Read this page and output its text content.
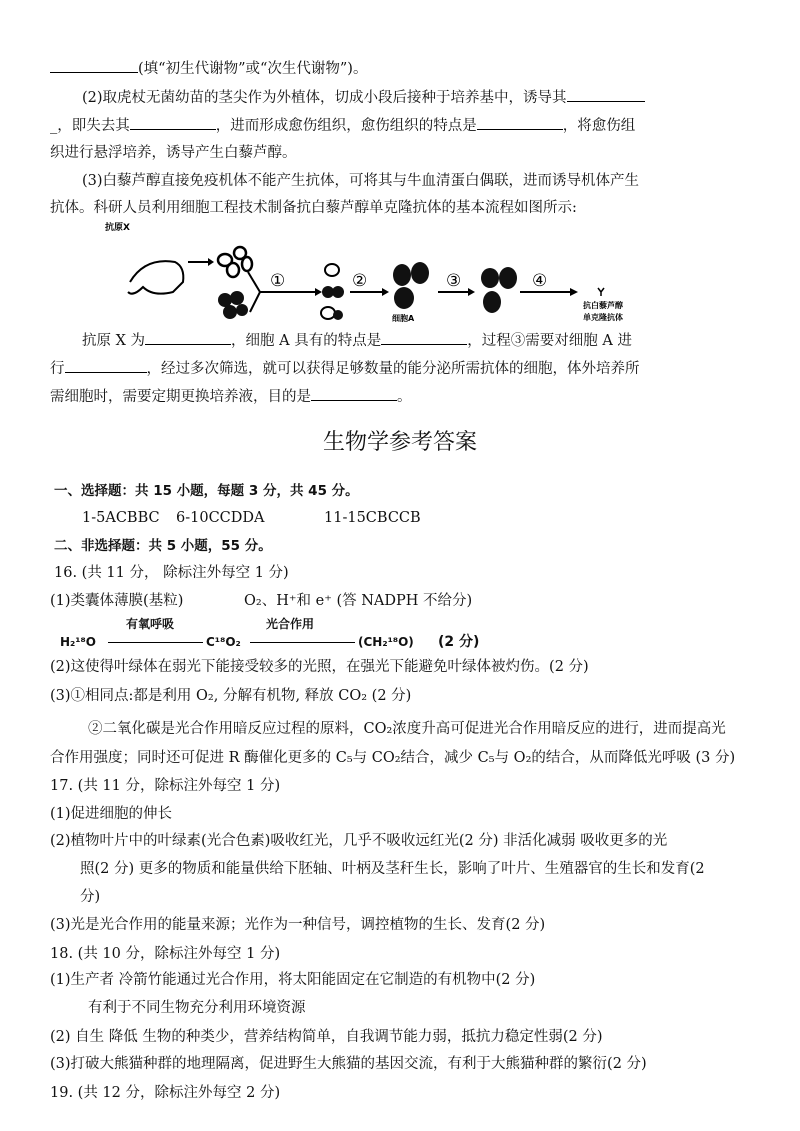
(填“初生代谢物”或“次生代谢物”)。
(2)取虎杖无菌幼苗的茎尖作为外植体，切成小段后接种于培养基中，诱导其
_，即失去其	，进而形成愈伤组织，愈伤组织的特点是	，将愈伤组
织进行悬浮培养，诱导产生白藜芦醇。
(3)白藜芦醇直接免疫机体不能产生抗体，可将其与牛血清蛋白偶联，进而诱导机体产生
抗体。科研人员利用细胞工程技术制备抗白藜芦醇单克隆抗体的基本流程如图所示:
抗原X
①	②
细胞A
③	④
抗白藜芦醇
单克隆抗体
抗原 X 为	，细胞 A 具有的特点是	，过程③需要对细胞 A 进
行	，经过多次筛选，就可以获得足够数量的能分泌所需抗体的细胞，体外培养所
需细胞时，需要定期更换培养液，目的是	。
生物学参考答案
一、选择题：共 15 小题，每题 3 分，共 45 分。
1-5ACBBC 6-10CCDDA	11-15CBCCB
二、非选择题：共 5 小题，55 分。
16. (共 11 分， 除标注外每空 1 分)
(1)类囊体薄膜(基粒)	O₂、H⁺和 e⁺ (答 NADPH 不给分)
H₂¹⁸O
有氧呼吸
C¹⁸O₂
光合作用
(CH₂¹⁸O) (2 分)
(2)这使得叶绿体在弱光下能接受较多的光照，在强光下能避免叶绿体被灼伤。(2 分)
(3)①相同点:都是利用 O₂, 分解有机物, 释放 CO₂ (2 分)
②二氧化碳是光合作用暗反应过程的原料，CO₂浓度升高可促进光合作用暗反应的进行，进而提高光
合作用强度；同时还可促进 R 酶催化更多的 C₅与 CO₂结合，减少 C₅与 O₂的结合，从而降低光呼吸 (3 分)
17. (共 11 分，除标注外每空 1 分)
(1)促进细胞的伸长
(2)植物叶片中的叶绿素(光合色素)吸收红光，几乎不吸收远红光(2 分) 非活化减弱 吸收更多的光
照(2 分) 更多的物质和能量供给下胚轴、叶柄及茎秆生长，影响了叶片、生殖器官的生长和发育(2
分)
(3)光是光合作用的能量来源；光作为一种信号，调控植物的生长、发育(2 分)
18. (共 10 分，除标注外每空 1 分)
(1)生产者 冷箭竹能通过光合作用，将太阳能固定在它制造的有机物中(2 分)
有利于不同生物充分利用环境资源
(2) 自生 降低 生物的种类少，营养结构简单，自我调节能力弱，抵抗力稳定性弱(2 分)
(3)打破大熊猫种群的地理隔离，促进野生大熊猫的基因交流，有利于大熊猫种群的繁衍(2 分)
19. (共 12 分，除标注外每空 2 分)
